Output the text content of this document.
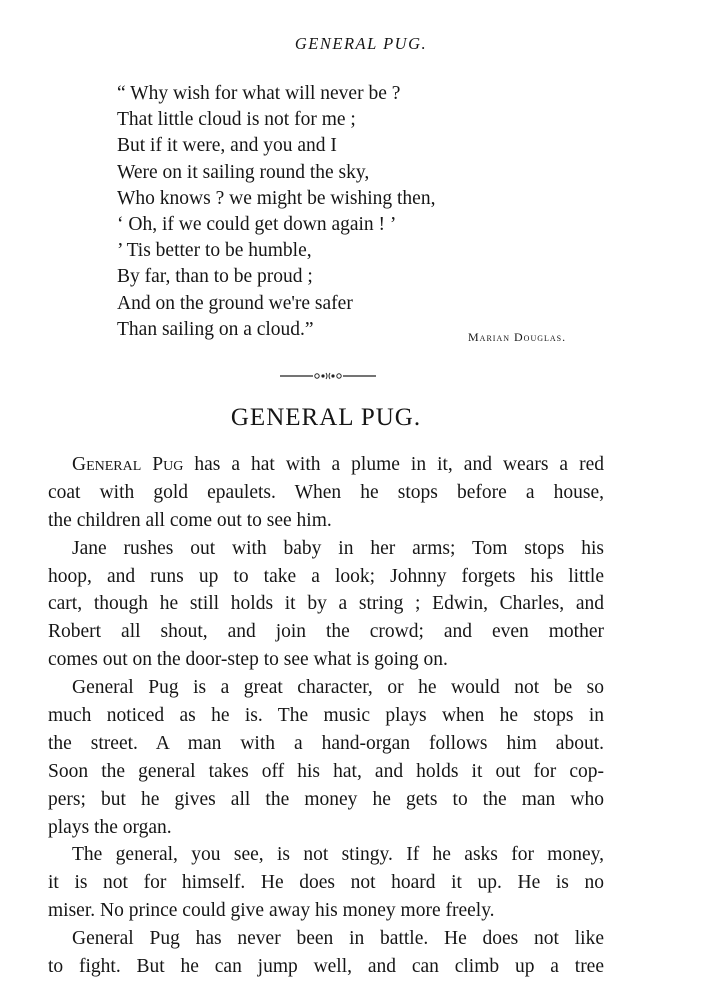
GENERAL PUG.
“ Why wish for what will never be ?
That little cloud is not for me ;
But if it were, and you and I
Were on it sailing round the sky,
Who knows ? we might be wishing then,
‘ Oh, if we could get down again ! ’
’ Tis better to be humble,
By far, than to be proud ;
And on the ground we're safer
Than sailing on a cloud.”	Marian Douglas.
GENERAL PUG.
General Pug has a hat with a plume in it, and wears a red
coat with gold epaulets. When he stops before a house,
the children all come out to see him.
Jane rushes out with baby in her arms; Tom stops his
hoop, and runs up to take a look; Johnny forgets his little
cart, though he still holds it by a string ; Edwin, Charles, and
Robert all shout, and join the crowd; and even mother
comes out on the door-step to see what is going on.
General Pug is a great character, or he would not be so
much noticed as he is. The music plays when he stops in
the street. A man with a hand-organ follows him about.
Soon the general takes off his hat, and holds it out for cop-
pers; but he gives all the money he gets to the man who
plays the organ.
The general, you see, is not stingy. If he asks for money,
it is not for himself. He does not hoard it up. He is no
miser. No prince could give away his money more freely.
General Pug has never been in battle. He does not like
to fight. But he can jump well, and can climb up a tree
